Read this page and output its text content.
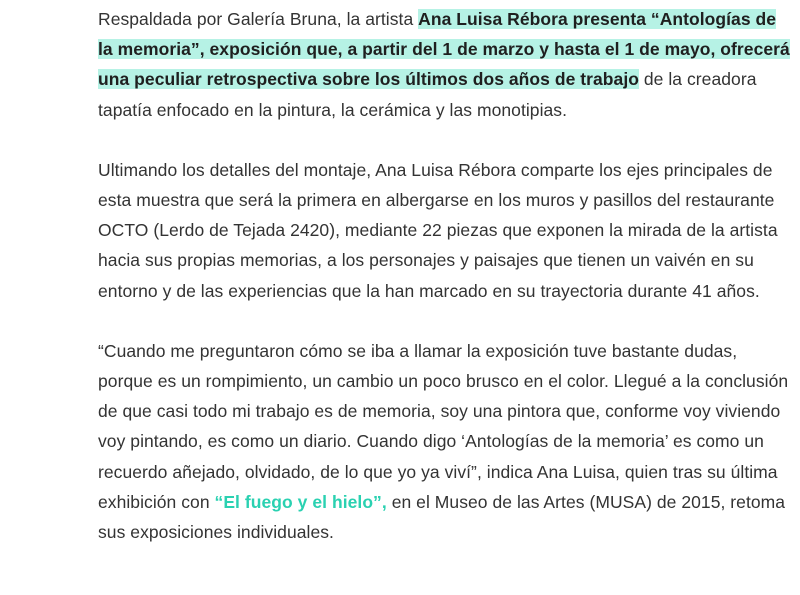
Respaldada por Galería Bruna, la artista Ana Luisa Rébora presenta “Antologías de la memoria”, exposición que, a partir del 1 de marzo y hasta el 1 de mayo, ofrecerá una peculiar retrospectiva sobre los últimos dos años de trabajo de la creadora tapatía enfocado en la pintura, la cerámica y las monotipias.

Ultimando los detalles del montaje, Ana Luisa Rébora comparte los ejes principales de esta muestra que será la primera en albergarse en los muros y pasillos del restaurante OCTO (Lerdo de Tejada 2420), mediante 22 piezas que exponen la mirada de la artista hacia sus propias memorias, a los personajes y paisajes que tienen un vaivén en su entorno y de las experiencias que la han marcado en su trayectoria durante 41 años.

“Cuando me preguntaron cómo se iba a llamar la exposición tuve bastante dudas, porque es un rompimiento, un cambio un poco brusco en el color. Llegué a la conclusión de que casi todo mi trabajo es de memoria, soy una pintora que, conforme voy viviendo voy pintando, es como un diario. Cuando digo ‘Antologías de la memoria’ es como un recuerdo añejado, olvidado, de lo que yo ya viví”, indica Ana Luisa, quien tras su última exhibición con “El fuego y el hielo”, en el Museo de las Artes (MUSA) de 2015, retoma sus exposiciones individuales.
